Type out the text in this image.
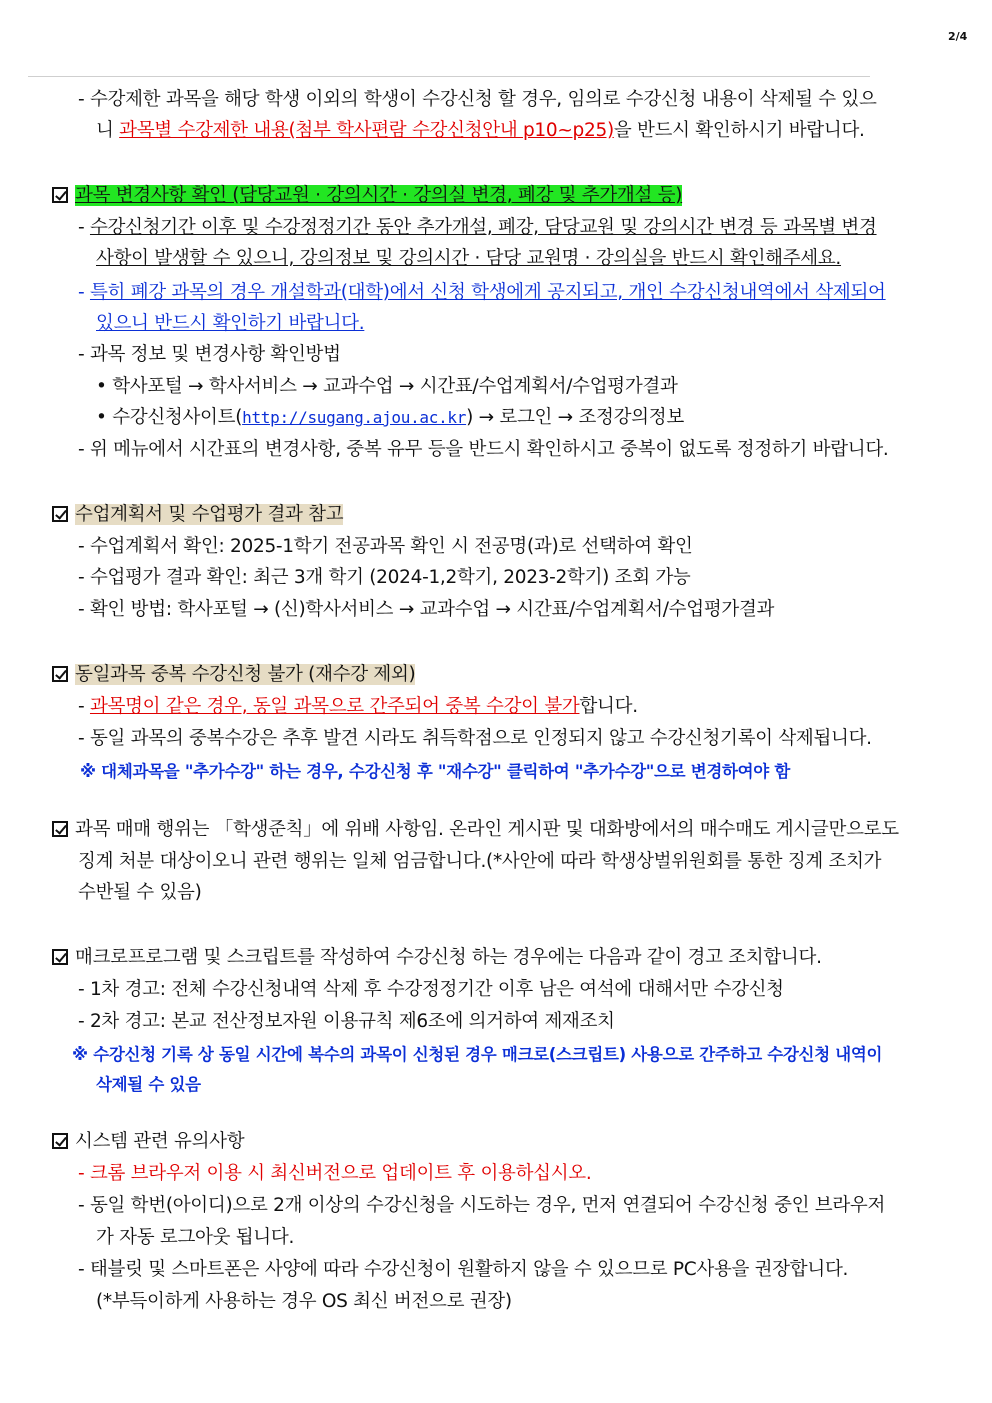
2/4
- 수강제한 과목을 해당 학생 이외의 학생이 수강신청 할 경우, 임의로 수강신청 내용이 삭제될 수 있으
니 과목별 수강제한 내용(첨부 학사편람 수강신청안내 p10~p25)을 반드시 확인하시기 바랍니다.
과목 변경사항 확인 (담당교원 · 강의시간 · 강의실 변경, 폐강 및 추가개설 등)
- 수강신청기간 이후 및 수강정정기간 동안 추가개설, 폐강, 담당교원 및 강의시간 변경 등 과목별 변경
사항이 발생할 수 있으니, 강의정보 및 강의시간 · 담당 교원명 · 강의실을 반드시 확인해주세요.
- 특히 폐강 과목의 경우 개설학과(대학)에서 신청 학생에게 공지되고, 개인 수강신청내역에서 삭제되어
있으니 반드시 확인하기 바랍니다.
- 과목 정보 및 변경사항 확인방법
• 학사포털 → 학사서비스 → 교과수업 → 시간표/수업계획서/수업평가결과
• 수강신청사이트(http://sugang.ajou.ac.kr) → 로그인 → 조정강의정보
- 위 메뉴에서 시간표의 변경사항, 중복 유무 등을 반드시 확인하시고 중복이 없도록 정정하기 바랍니다.
수업계획서 및 수업평가 결과 참고
- 수업계획서 확인: 2025-1학기 전공과목 확인 시 전공명(과)로 선택하여 확인
- 수업평가 결과 확인: 최근 3개 학기 (2024-1,2학기, 2023-2학기) 조회 가능
- 확인 방법: 학사포털 → (신)학사서비스 → 교과수업 → 시간표/수업계획서/수업평가결과
동일과목 중복 수강신청 불가 (재수강 제외)
- 과목명이 같은 경우, 동일 과목으로 간주되어 중복 수강이 불가합니다.
- 동일 과목의 중복수강은 추후 발견 시라도 취득학점으로 인정되지 않고 수강신청기록이 삭제됩니다.
※ 대체과목을 "추가수강" 하는 경우, 수강신청 후 "재수강" 클릭하여 "추가수강"으로 변경하여야 함
과목 매매 행위는 「학생준칙」에 위배 사항임. 온라인 게시판 및 대화방에서의 매수매도 게시글만으로도
징계 처분 대상이오니 관련 행위는 일체 엄금합니다.(*사안에 따라 학생상벌위원회를 통한 징계 조치가
수반될 수 있음)
매크로프로그램 및 스크립트를 작성하여 수강신청 하는 경우에는 다음과 같이 경고 조치합니다.
- 1차 경고: 전체 수강신청내역 삭제 후 수강정정기간 이후 남은 여석에 대해서만 수강신청
- 2차 경고: 본교 전산정보자원 이용규칙 제6조에 의거하여 제재조치
※ 수강신청 기록 상 동일 시간에 복수의 과목이 신청된 경우 매크로(스크립트) 사용으로 간주하고 수강신청 내역이
삭제될 수 있음
시스템 관련 유의사항
- 크롬 브라우저 이용 시 최신버전으로 업데이트 후 이용하십시오.
- 동일 학번(아이디)으로 2개 이상의 수강신청을 시도하는 경우, 먼저 연결되어 수강신청 중인 브라우저
가 자동 로그아웃 됩니다.
- 태블릿 및 스마트폰은 사양에 따라 수강신청이 원활하지 않을 수 있으므로 PC사용을 권장합니다.
(*부득이하게 사용하는 경우 OS 최신 버전으로 권장)
